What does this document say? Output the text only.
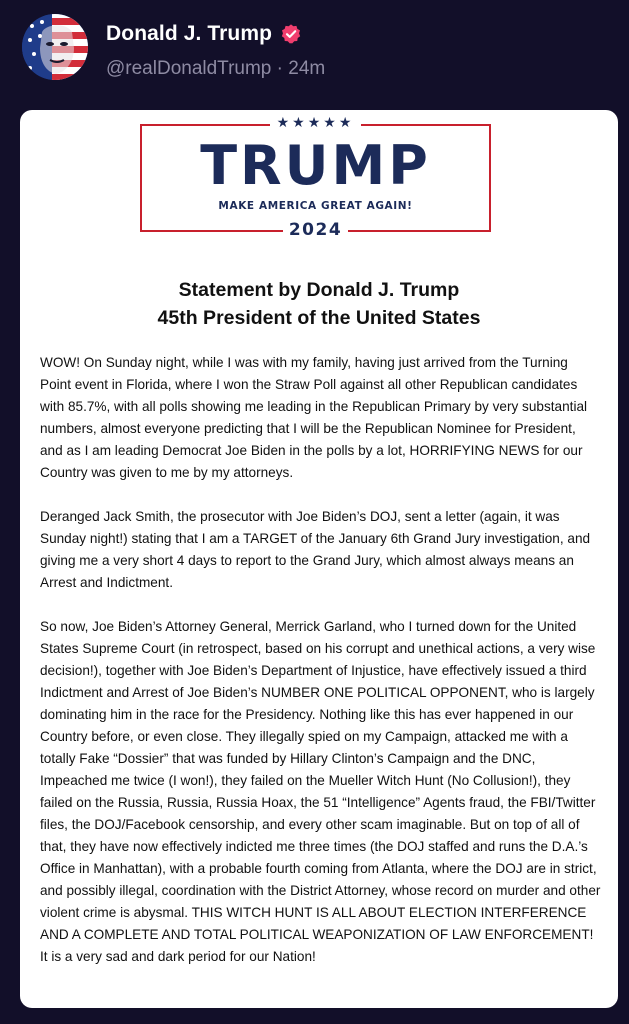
Donald J. Trump
@realDonaldTrump · 24m
★★★★★
TRUMP
MAKE AMERICA GREAT AGAIN!
2024
Statement by Donald J. Trump
45th President of the United States

WOW! On Sunday night, while I was with my family, having just arrived from the Turning Point event in Florida, where I won the Straw Poll against all other Republican candidates with 85.7%, with all polls showing me leading in the Republican Primary by very substantial numbers, almost everyone predicting that I will be the Republican Nominee for President, and as I am leading Democrat Joe Biden in the polls by a lot, HORRIFYING NEWS for our Country was given to me by my attorneys.

Deranged Jack Smith, the prosecutor with Joe Biden’s DOJ, sent a letter (again, it was Sunday night!) stating that I am a TARGET of the January 6th Grand Jury investigation, and giving me a very short 4 days to report to the Grand Jury, which almost always means an Arrest and Indictment.

So now, Joe Biden’s Attorney General, Merrick Garland, who I turned down for the United States Supreme Court (in retrospect, based on his corrupt and unethical actions, a very wise decision!), together with Joe Biden’s Department of Injustice, have effectively issued a third Indictment and Arrest of Joe Biden’s NUMBER ONE POLITICAL OPPONENT, who is largely dominating him in the race for the Presidency. Nothing like this has ever happened in our Country before, or even close. They illegally spied on my Campaign, attacked me with a totally Fake “Dossier” that was funded by Hillary Clinton’s Campaign and the DNC, Impeached me twice (I won!), they failed on the Mueller Witch Hunt (No Collusion!), they failed on the Russia, Russia, Russia Hoax, the 51 “Intelligence” Agents fraud, the FBI/Twitter files, the DOJ/Facebook censorship, and every other scam imaginable. But on top of all of that, they have now effectively indicted me three times (the DOJ staffed and runs the D.A.’s Office in Manhattan), with a probable fourth coming from Atlanta, where the DOJ are in strict, and possibly illegal, coordination with the District Attorney, whose record on murder and other violent crime is abysmal. THIS WITCH HUNT IS ALL ABOUT ELECTION INTERFERENCE AND A COMPLETE AND TOTAL POLITICAL WEAPONIZATION OF LAW ENFORCEMENT! It is a very sad and dark period for our Nation!
